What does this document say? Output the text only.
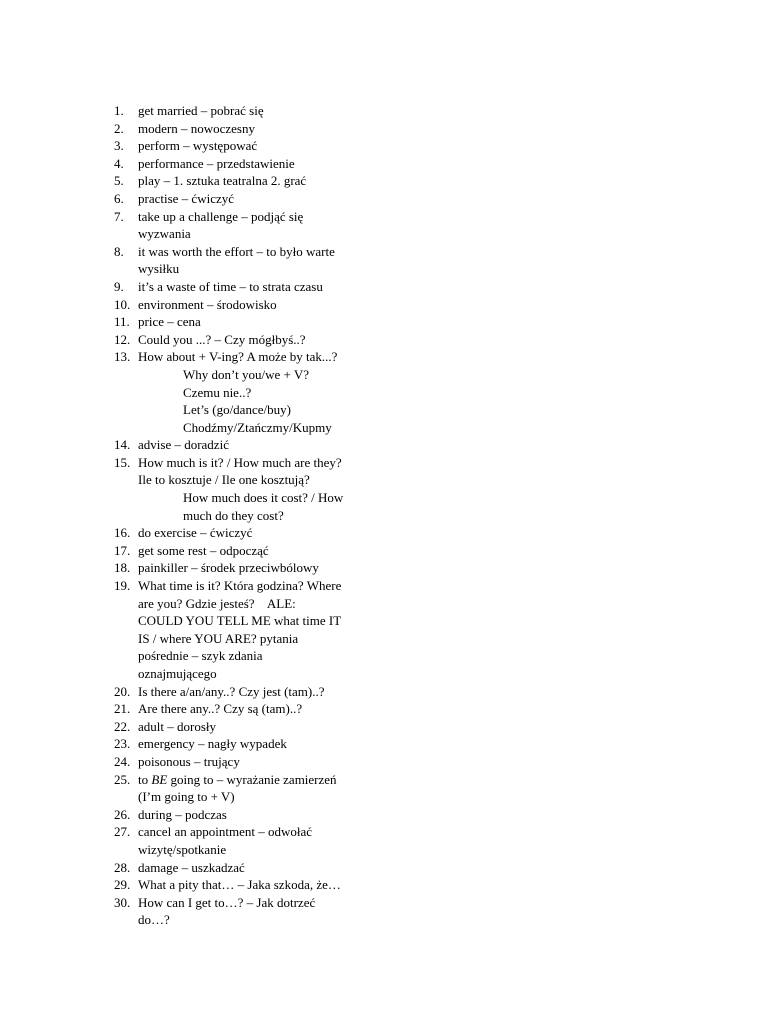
1.	get married – pobrać się
2.	modern – nowoczesny
3.	perform – występować
4.	performance – przedstawienie
5.	play – 1. sztuka teatralna 2. grać
6.	practise – ćwiczyć
7.	take up a challenge – podjąć się
wyzwania
8.	it was worth the effort – to było warte
wysiłku
9.	it’s a waste of time – to strata czasu
10. environment – środowisko
11. price – cena
12. Could you ...? – Czy mógłbyś..?
13. How about + V-ing? A może by tak...?
Why don’t you/we + V?
Czemu nie..?
Let’s (go/dance/buy)
Chodźmy/Ztańczmy/Kupmy
14. advise – doradzić
15. How much is it? / How much are they?
Ile to kosztuje / Ile one kosztują?
How much does it cost? / How
much do they cost?
16. do exercise – ćwiczyć
17. get some rest – odpocząć
18. painkiller – środek przeciwbólowy
19. What time is it? Która godzina? Where
are you? Gdzie jesteś?    ALE:
COULD YOU TELL ME what time IT
IS / where YOU ARE? pytania
pośrednie – szyk zdania
oznajmującego
20. Is there a/an/any..? Czy jest (tam)..?
21. Are there any..? Czy są (tam)..?
22. adult – dorosły
23. emergency – nagły wypadek
24. poisonous – trujący
25. to BE going to – wyrażanie zamierzeń
(I’m going to + V)
26. during – podczas
27. cancel an appointment – odwołać
wizytę/spotkanie
28. damage – uszkadzać
29. What a pity that… – Jaka szkoda, że…
30. How can I get to…? – Jak dotrzeć
do…?
